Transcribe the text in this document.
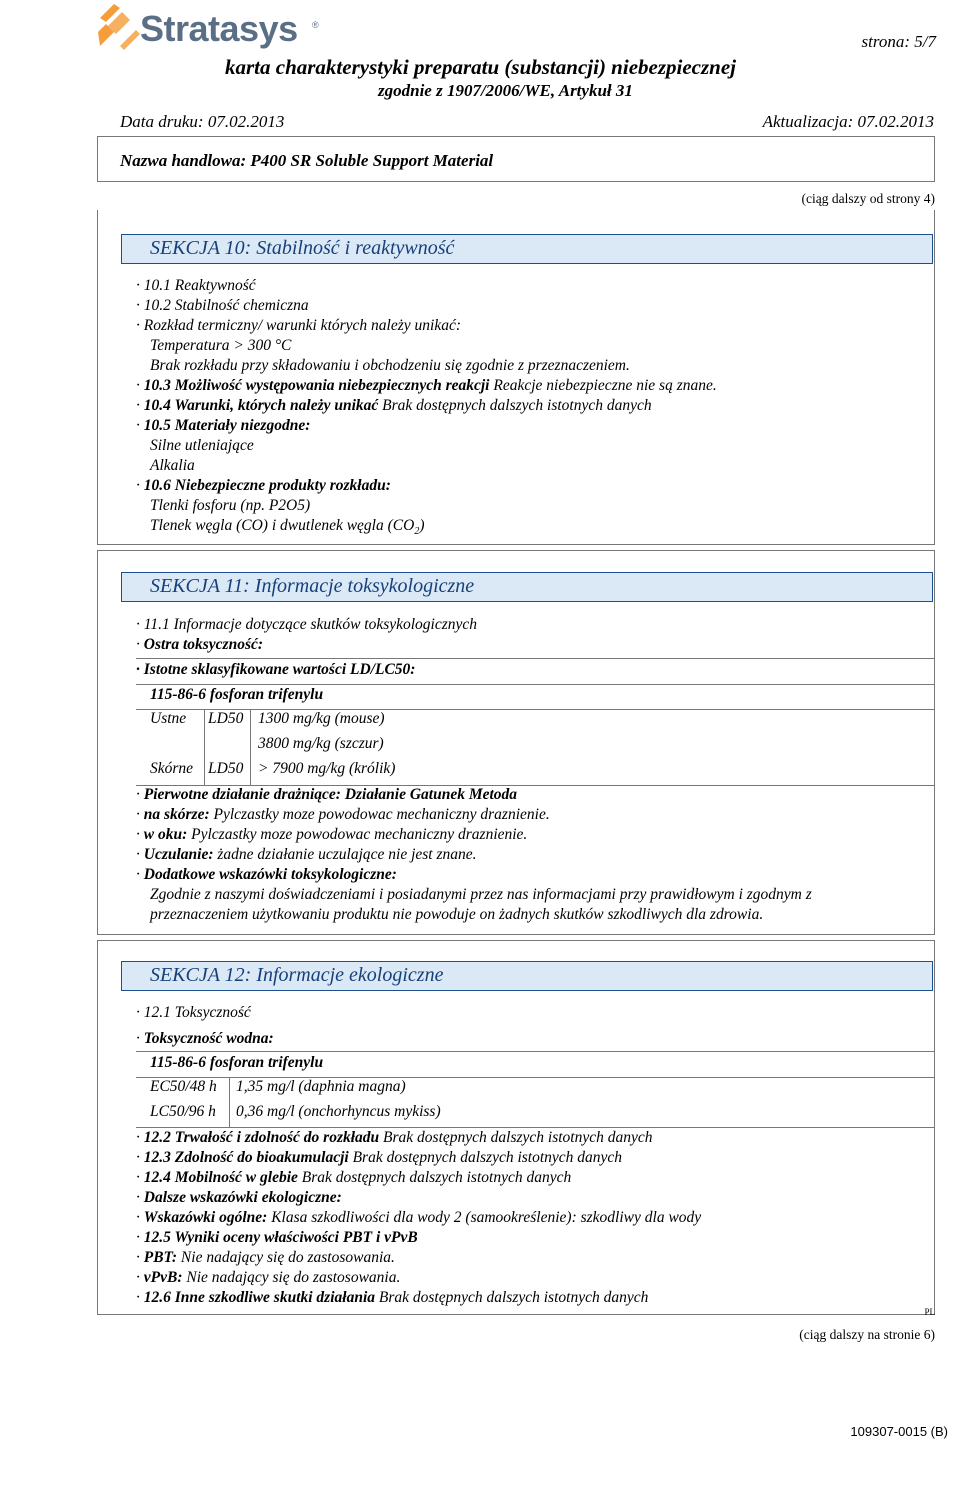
Stratasys ®
strona: 5/7
karta charakterystyki preparatu (substancji) niebezpiecznej
zgodnie z 1907/2006/WE, Artykuł 31
Data druku: 07.02.2013	Aktualizacja: 07.02.2013
Nazwa handlowa: P400 SR Soluble Support Material
(ciąg dalszy od strony 4)
SEKCJA 10: Stabilność i reaktywność
· 10.1 Reaktywność
· 10.2 Stabilność chemiczna
· Rozkład termiczny/ warunki których należy unikać:
Temperatura > 300 °C
Brak rozkładu przy składowaniu i obchodzeniu się zgodnie z przeznaczeniem.
· 10.3 Możliwość występowania niebezpiecznych reakcji Reakcje niebezpieczne nie są znane.
· 10.4 Warunki, których należy unikać Brak dostępnych dalszych istotnych danych
· 10.5 Materiały niezgodne:
Silne utleniające
Alkalia
· 10.6 Niebezpieczne produkty rozkładu:
Tlenki fosforu (np. P2O5)
Tlenek węgla (CO) i dwutlenek węgla $(CO_2)$
SEKCJA 11: Informacje toksykologiczne
· 11.1 Informacje dotyczące skutków toksykologicznych
· Ostra toksyczność:
· Istotne sklasyfikowane wartości LD/LC50:
115-86-6 fosforan trifenylu
Ustne LD50 1300 mg/kg (mouse)
3800 mg/kg (szczur)
Skórne LD50 > 7900 mg/kg (królik)
· Pierwotne działanie drażniące: Działanie Gatunek Metoda
· na skórze: Pylczastky moze powodowac mechaniczny draznienie.
· w oku: Pylczastky moze powodowac mechaniczny draznienie.
· Uczulanie: żadne działanie uczulające nie jest znane.
· Dodatkowe wskazówki toksykologiczne:
Zgodnie z naszymi doświadczeniami i posiadanymi przez nas informacjami przy prawidłowym i zgodnym z
przeznaczeniem użytkowaniu produktu nie powoduje on żadnych skutków szkodliwych dla zdrowia.
SEKCJA 12: Informacje ekologiczne
· 12.1 Toksyczność
· Toksyczność wodna:
115-86-6 fosforan trifenylu
EC50/48 h 1,35 mg/l (daphnia magna)
LC50/96 h 0,36 mg/l (onchorhyncus mykiss)
· 12.2 Trwałość i zdolność do rozkładu Brak dostępnych dalszych istotnych danych
· 12.3 Zdolność do bioakumulacji Brak dostępnych dalszych istotnych danych
· 12.4 Mobilność w glebie Brak dostępnych dalszych istotnych danych
· Dalsze wskazówki ekologiczne:
· Wskazówki ogólne: Klasa szkodliwości dla wody 2 (samookreślenie): szkodliwy dla wody
· 12.5 Wyniki oceny właściwości PBT i vPvB
· PBT: Nie nadający się do zastosowania.
· vPvB: Nie nadający się do zastosowania.
· 12.6 Inne szkodliwe skutki działania Brak dostępnych dalszych istotnych danych
PL
(ciąg dalszy na stronie 6)
109307-0015 (B)
